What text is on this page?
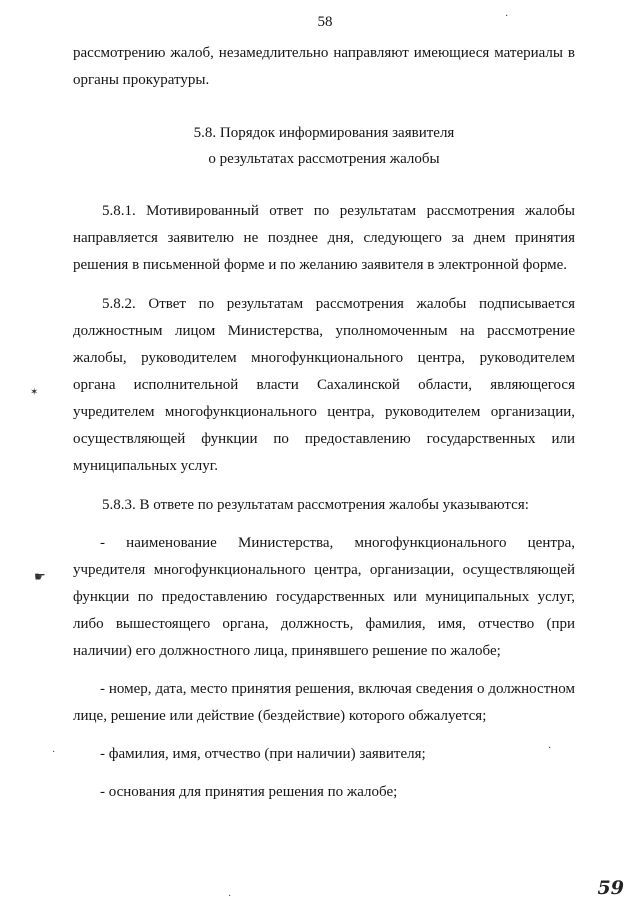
58

рассмотрению жалоб, незамедлительно направляют имеющиеся материалы в органы прокуратуры.

5.8. Порядок информирования заявителя

о результатах рассмотрения жалобы

5.8.1. Мотивированный ответ по результатам рассмотрения жалобы направляется заявителю не позднее дня, следующего за днем принятия решения в письменной форме и по желанию заявителя в электронной форме.

5.8.2. Ответ по результатам рассмотрения жалобы подписывается должностным лицом Министерства, уполномоченным на рассмотрение жалобы, руководителем многофункционального центра, руководителем органа исполнительной власти Сахалинской области, являющегося учредителем многофункционального центра, руководителем организации, осуществляющей функции по предоставлению государственных или муниципальных услуг.

5.8.3. В ответе по результатам рассмотрения жалобы указываются:

- наименование Министерства, многофункционального центра, учредителя многофункционального центра, организации, осуществляющей функции по предоставлению государственных или муниципальных услуг, либо вышестоящего органа, должность, фамилия, имя, отчество (при наличии) его должностного лица, принявшего решение по жалобе;

- номер, дата, место принятия решения, включая сведения о должностном лице, решение или действие (бездействие) которого обжалуется;

- фамилия, имя, отчество (при наличии) заявителя;

- основания для принятия решения по жалобе;

59
✶
☛
·
·	·
·
